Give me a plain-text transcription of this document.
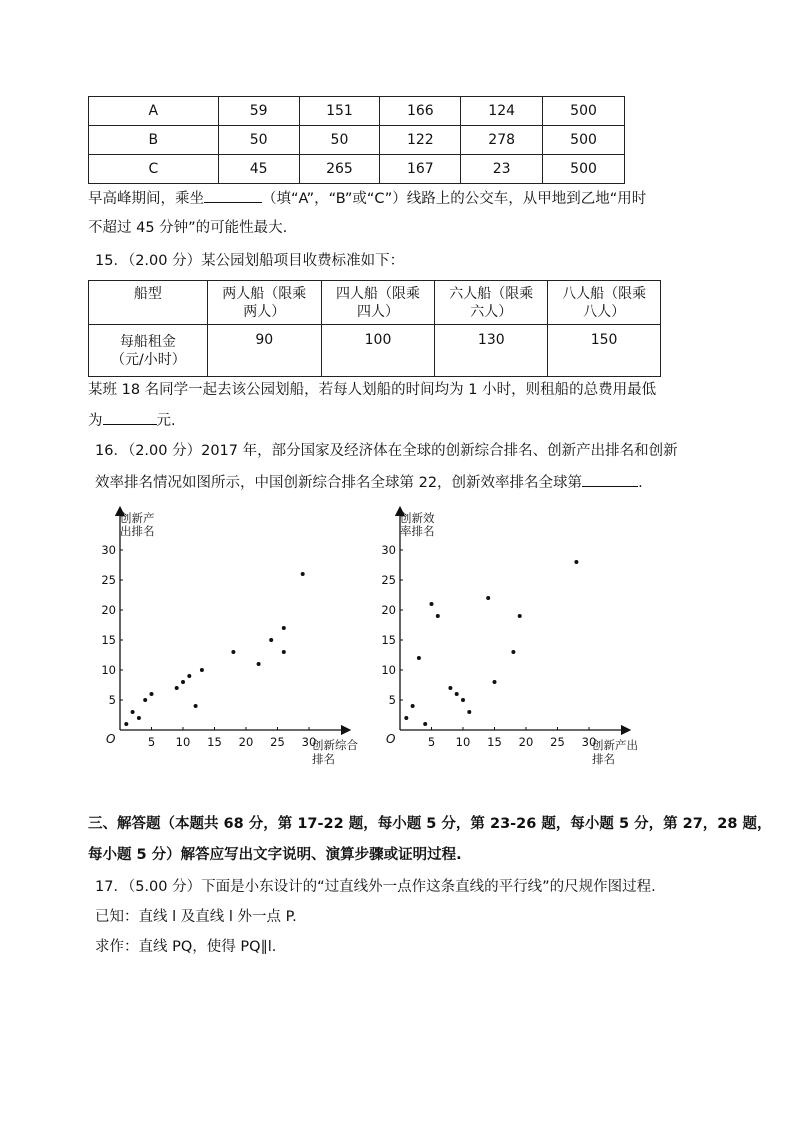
A	59	151	166	124	500
B	50	50	122	278	500
C	45	265	167	23	500
早高峰期间，乘坐	（填“A”，“B”或“C”）线路上的公交车，从甲地到乙地“用时
不超过 45 分钟”的可能性最大.
15．（2.00 分）某公园划船项目收费标准如下：
船型	两人船（限乘两人）	四人船（限乘四人）	六人船（限乘六人）	八人船（限乘八人）
每船租金（元/小时）	90	100	130	150
某班 18 名同学一起去该公园划船，若每人划船的时间均为 1 小时，则租船的总费用最低
为	元.
16．（2.00 分）2017 年，部分国家及经济体在全球的创新综合排名、创新产出排名和创新
效率排名情况如图所示，中国创新综合排名全球第 22，创新效率排名全球第	.
创新产
出排名
O
5
10
15
20
25
30
5 10 15 20 25 30
创新综合
排名
创新效
率排名
O
5
10
15
20
25
30
5 10 15 20 25 30
创新产出
排名
三、解答题（本题共 68 分，第 17-22 题，每小题 5 分，第 23-26 题，每小题 5 分，第 27，28 题，
每小题 5 分）解答应写出文字说明、演算步骤或证明过程.
17．（5.00 分）下面是小东设计的“过直线外一点作这条直线的平行线”的尺规作图过程.
已知：直线 l 及直线 l 外一点 P.
求作：直线 PQ，使得 PQ∥l.
